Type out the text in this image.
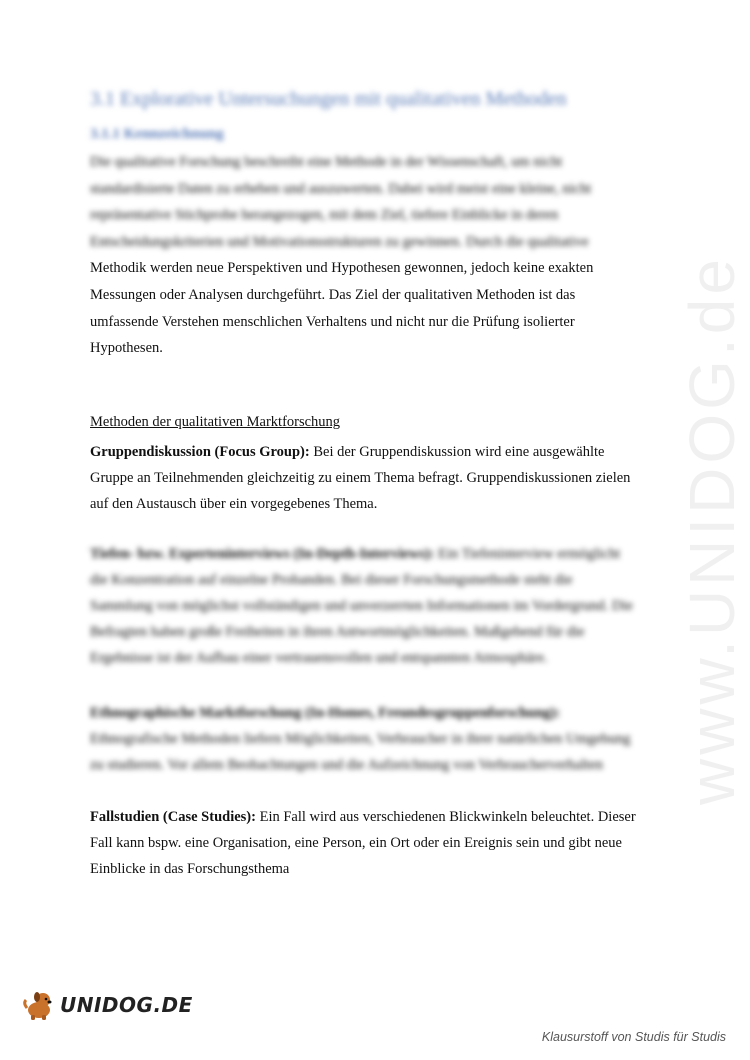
www.UNIDOG.de
3.1 Explorative Untersuchungen mit qualitativen Methoden
3.1.1 Kennzeichnung

Die qualitative Forschung beschreibt eine Methode in der Wissenschaft, um nicht

standardisierte Daten zu erheben und auszuwerten. Dabei wird meist eine kleine, nicht

repräsentative Stichprobe herangezogen, mit dem Ziel, tiefere Einblicke in deren

Entscheidungskriterien und Motivationsstrukturen zu gewinnen. Durch die qualitative

Methodik werden neue Perspektiven und Hypothesen gewonnen, jedoch keine exakten

Messungen oder Analysen durchgeführt. Das Ziel der qualitativen Methoden ist das

umfassende Verstehen menschlichen Verhaltens und nicht nur die Prüfung isolierter

Hypothesen.

Methoden der qualitativen Marktforschung
Gruppendiskussion (Focus Group): Bei der Gruppendiskussion wird eine ausgewählte
Gruppe an Teilnehmenden gleichzeitig zu einem Thema befragt. Gruppendiskussionen zielen
auf den Austausch über ein vorgegebenes Thema.
Tiefen- bzw. Experteninterviews (In-Depth-Interviews): Ein Tiefeninterview ermöglicht
die Konzentration auf einzelne Probanden. Bei dieser Forschungsmethode steht die
Sammlung von möglichst vollständigen und unverzerrten Informationen im Vordergrund. Die
Befragten haben große Freiheiten in ihren Antwortmöglichkeiten. Maßgebend für die
Ergebnisse ist der Aufbau einer vertrauensvollen und entspannten Atmosphäre.
Ethnographische Marktforschung (In-Homes, Freundesgruppenforschung):
Ethnografische Methoden liefern Möglichkeiten, Verbraucher in ihrer natürlichen Umgebung
zu studieren. Vor allem Beobachtungen und die Aufzeichnung von Verbraucherverhalten
Fallstudien (Case Studies): Ein Fall wird aus verschiedenen Blickwinkeln beleuchtet. Dieser
Fall kann bspw. eine Organisation, eine Person, ein Ort oder ein Ereignis sein und gibt neue
Einblicke in das Forschungsthema
UNIDOG.DE
Klausurstoff von Studis für Studis
